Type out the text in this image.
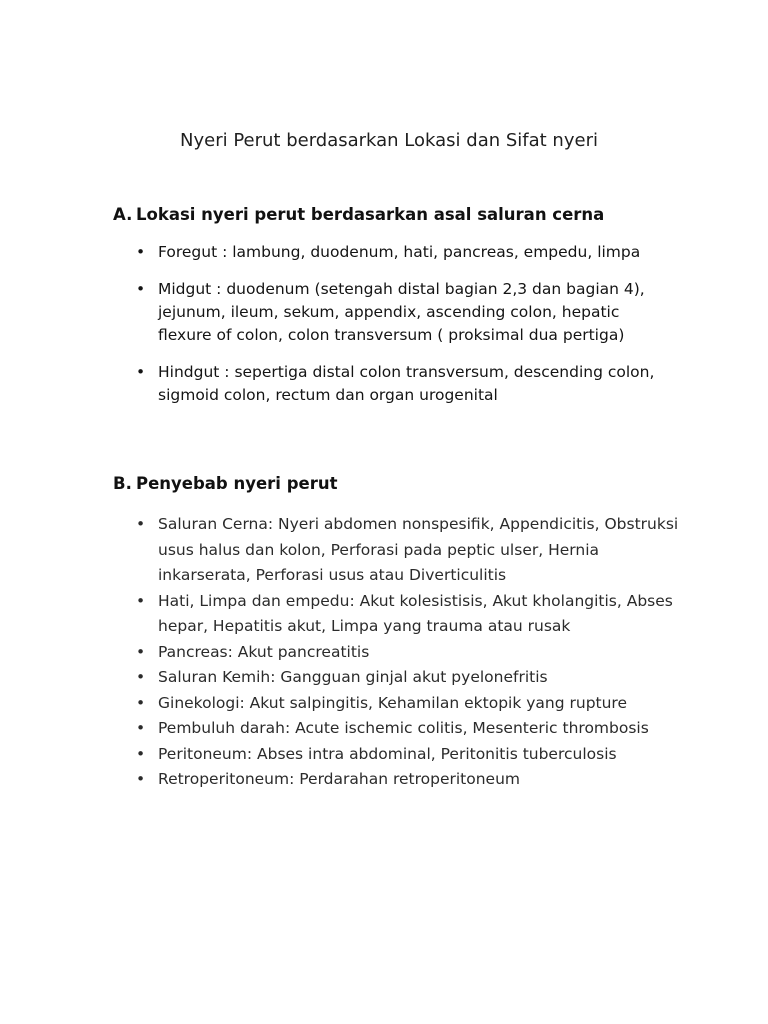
Nyeri Perut berdasarkan Lokasi dan Sifat nyeri
A. Lokasi nyeri perut berdasarkan asal saluran cerna
• Foregut : lambung, duodenum, hati, pancreas, empedu, limpa
• Midgut : duodenum (setengah distal bagian 2,3 dan bagian 4), jejunum, ileum, sekum, appendix, ascending colon, hepatic flexure of colon, colon transversum ( proksimal dua pertiga)
• Hindgut : sepertiga distal colon transversum, descending colon, sigmoid colon, rectum dan organ urogenital
B. Penyebab nyeri perut
• Saluran Cerna: Nyeri abdomen nonspesifik, Appendicitis, Obstruksi usus halus dan kolon, Perforasi pada peptic ulser, Hernia inkarserata, Perforasi usus atau Diverticulitis
• Hati, Limpa dan empedu: Akut kolesistisis, Akut kholangitis, Abses hepar, Hepatitis akut, Limpa yang trauma atau rusak
• Pancreas: Akut pancreatitis
• Saluran Kemih: Gangguan ginjal akut pyelonefritis
• Ginekologi: Akut salpingitis, Kehamilan ektopik yang rupture
• Pembuluh darah: Acute ischemic colitis, Mesenteric thrombosis
• Peritoneum: Abses intra abdominal, Peritonitis tuberculosis
• Retroperitoneum: Perdarahan retroperitoneum
